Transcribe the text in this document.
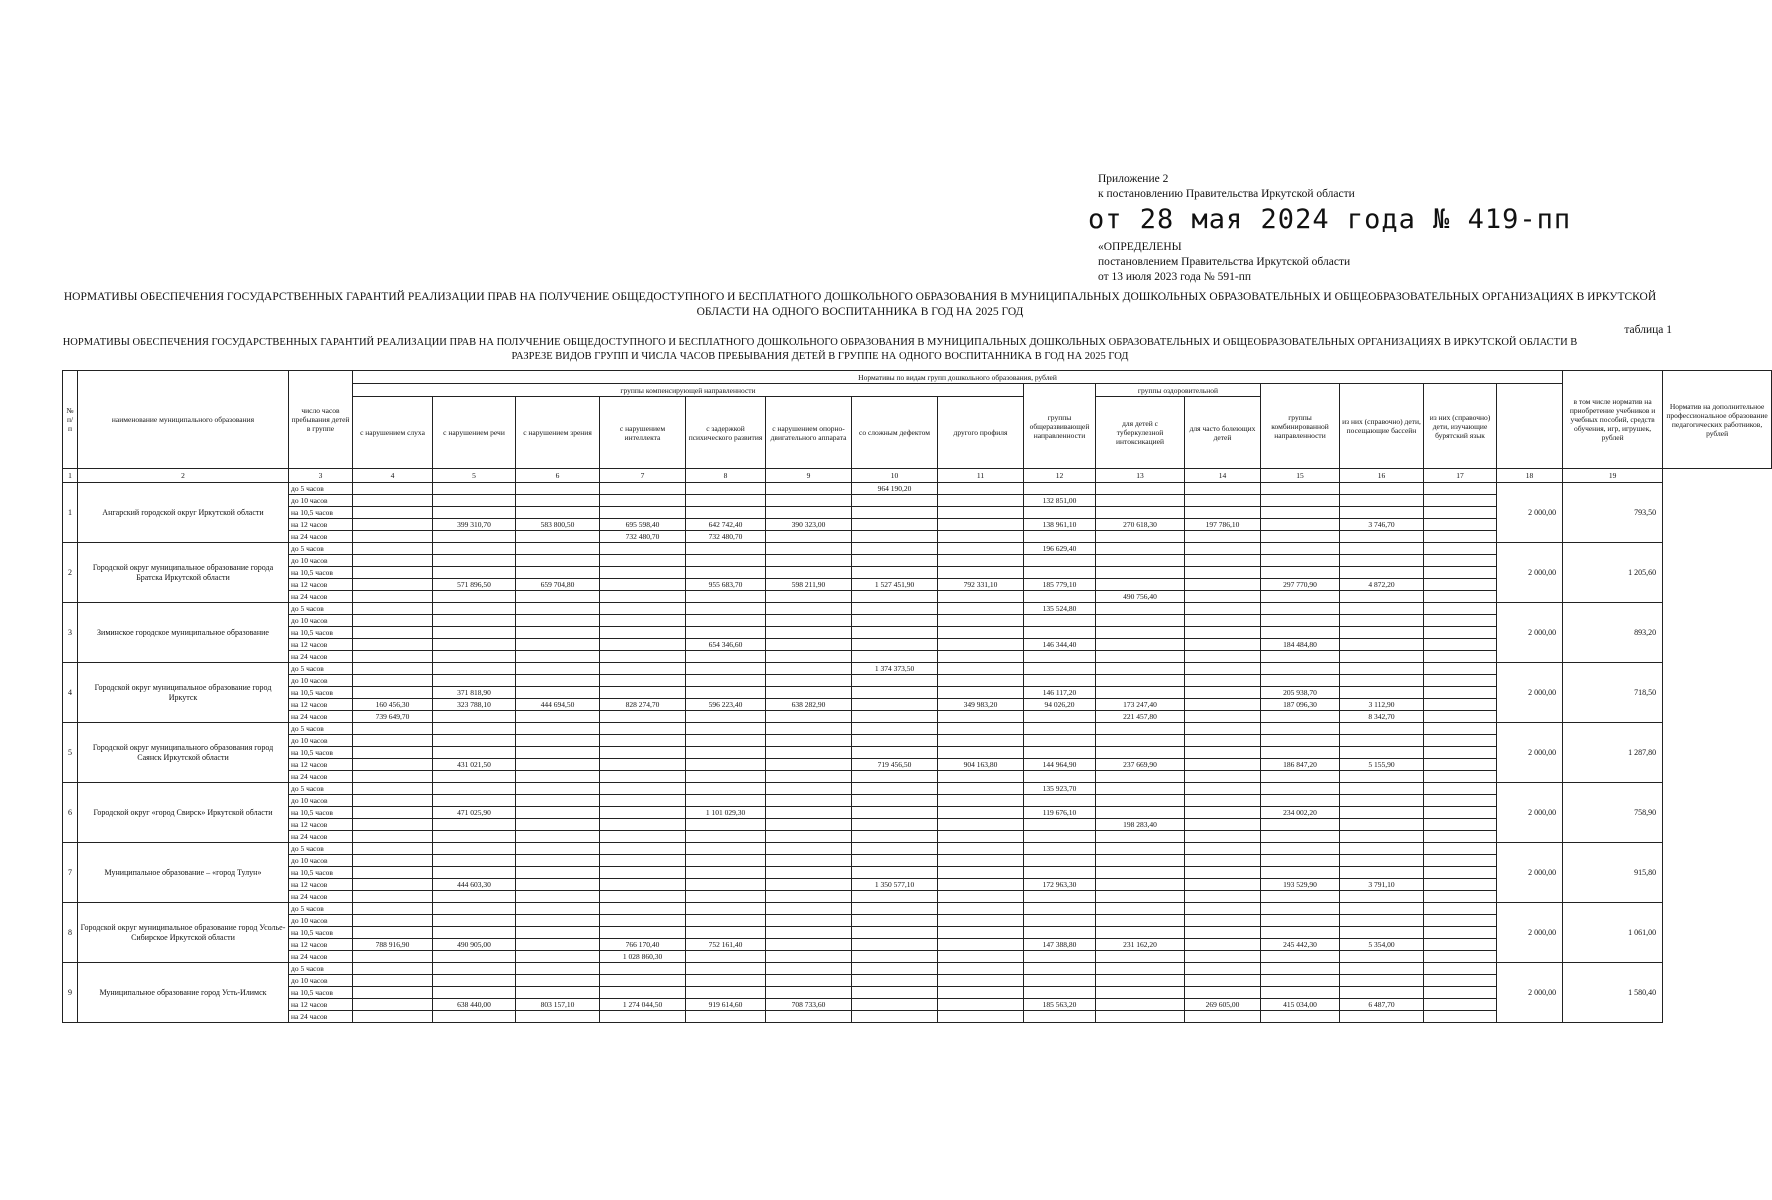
Приложение 2
к постановлению Правительства Иркутской области
от 28 мая 2024 года № 419-пп
«ОПРЕДЕЛЕНЫ
постановлением Правительства Иркутской области
от 13 июля 2023 года № 591-пп
НОРМАТИВЫ ОБЕСПЕЧЕНИЯ ГОСУДАРСТВЕННЫХ ГАРАНТИЙ РЕАЛИЗАЦИИ ПРАВ НА ПОЛУЧЕНИЕ ОБЩЕДОСТУПНОГО И БЕСПЛАТНОГО ДОШКОЛЬНОГО ОБРАЗОВАНИЯ В МУНИЦИПАЛЬНЫХ ДОШКОЛЬНЫХ ОБРАЗОВАТЕЛЬНЫХ И ОБЩЕОБРАЗОВАТЕЛЬНЫХ ОРГАНИЗАЦИЯХ В ИРКУТСКОЙ ОБЛАСТИ НА ОДНОГО ВОСПИТАННИКА В ГОД НА 2025 ГОД
таблица 1
НОРМАТИВЫ ОБЕСПЕЧЕНИЯ ГОСУДАРСТВЕННЫХ ГАРАНТИЙ РЕАЛИЗАЦИИ ПРАВ НА ПОЛУЧЕНИЕ ОБЩЕДОСТУПНОГО И БЕСПЛАТНОГО ДОШКОЛЬНОГО ОБРАЗОВАНИЯ В МУНИЦИПАЛЬНЫХ ДОШКОЛЬНЫХ ОБРАЗОВАТЕЛЬНЫХ И ОБЩЕОБРАЗОВАТЕЛЬНЫХ ОРГАНИЗАЦИЯХ В ИРКУТСКОЙ ОБЛАСТИ В РАЗРЕЗЕ ВИДОВ ГРУПП И ЧИСЛА ЧАСОВ ПРЕБЫВАНИЯ ДЕТЕЙ В ГРУППЕ НА ОДНОГО ВОСПИТАННИКА В ГОД НА 2025 ГОД
№ п/п	наименование муниципального образования	число часов пребывания детей в группе	Нормативы по видам групп дошкольного образования, рублей															в том числе норматив на приобретение учебников и учебных пособий, средств обучения, игр, игрушек, рублей	Норматив на дополнительное профессиональное образование педагогических работников, рублей
			группы компенсирующей направленности								группы общеразвивающей направленности	группы оздоровительной		группы комбинированной направленности	из них (справочно) дети, посещающие бассейн	из них (справочно) дети, изучающие бурятский язык			
			с нарушением слуха	с нарушением речи	с нарушением зрения	с нарушением интеллекта	с задержкой психического развития	с нарушением опорно-двигательного аппарата	со сложным дефектом	другого профиля		для детей с туберкулезной интоксикацией	для часто болеющих детей						
1	2	3	4	5	6	7	8	9	10	11	12	13	14	15	16	17	18	19	
1	Ангарский городской округ Иркутской области	до 5 часов							964 190,20								2 000,00	793,50	
		до 10 часов									132 851,00								
		на 10,5 часов																	
		на 12 часов		399 310,70	583 800,50	695 598,40	642 742,40	390 323,00			138 961,10	270 618,30	197 786,10		3 746,70				
		на 24 часов				732 480,70	732 480,70												
2	Городской округ муниципальное образование города Братска Иркутской области	до 5 часов									196 629,40						2 000,00	1 205,60	
		до 10 часов																	
		на 10,5 часов																	
		на 12 часов		571 896,50	659 704,80		955 683,70	598 211,90	1 527 451,90	792 331,10	185 779,10			297 770,90	4 872,20				
		на 24 часов										490 756,40							
3	Зиминское городское муниципальное образование	до 5 часов									135 524,80						2 000,00	893,20	
		до 10 часов																	
		на 10,5 часов																	
		на 12 часов					654 346,60				146 344,40			184 484,80					
		на 24 часов																	
4	Городской округ муниципальное образование город Иркутск	до 5 часов							1 374 373,50								2 000,00	718,50	
		до 10 часов																	
		на 10,5 часов		371 818,90							146 117,20			205 938,70					
		на 12 часов	160 456,30	323 788,10	444 694,50	828 274,70	596 223,40	638 282,90		349 983,20	94 026,20	173 247,40		187 096,30	3 112,90				
		на 24 часов	739 649,70									221 457,80			8 342,70				
5	Городской округ муниципального образования город Саянск Иркутской области	до 5 часов															2 000,00	1 287,80	
		до 10 часов																	
		на 10,5 часов																	
		на 12 часов		431 021,50					719 456,50	904 163,80	144 964,90	237 669,90		186 847,20	5 155,90				
		на 24 часов																	
6	Городской округ «город Свирск» Иркутской области	до 5 часов									135 923,70						2 000,00	758,90	
		до 10 часов																	
		на 10,5 часов		471 025,90			1 101 029,30				119 676,10			234 002,20					
		на 12 часов										198 283,40							
		на 24 часов																	
7	Муниципальное образование – «город Тулун»	до 5 часов															2 000,00	915,80	
		до 10 часов																	
		на 10,5 часов																	
		на 12 часов		444 603,30					1 350 577,10		172 963,30			193 529,90	3 791,10				
		на 24 часов																	
8	Городской округ муниципальное образование город Усолье-Сибирское Иркутской области	до 5 часов															2 000,00	1 061,00	
		до 10 часов																	
		на 10,5 часов																	
		на 12 часов	788 916,90	490 905,00		766 170,40	752 161,40				147 388,80	231 162,20		245 442,30	5 354,00				
		на 24 часов				1 028 860,30													
9	Муниципальное образование город Усть-Илимск	до 5 часов															2 000,00	1 580,40	
		до 10 часов																	
		на 10,5 часов																	
		на 12 часов		638 440,00	803 157,10	1 274 044,50	919 614,60	708 733,60			185 563,20		269 605,00	415 034,00	6 487,70				
		на 24 часов																	
